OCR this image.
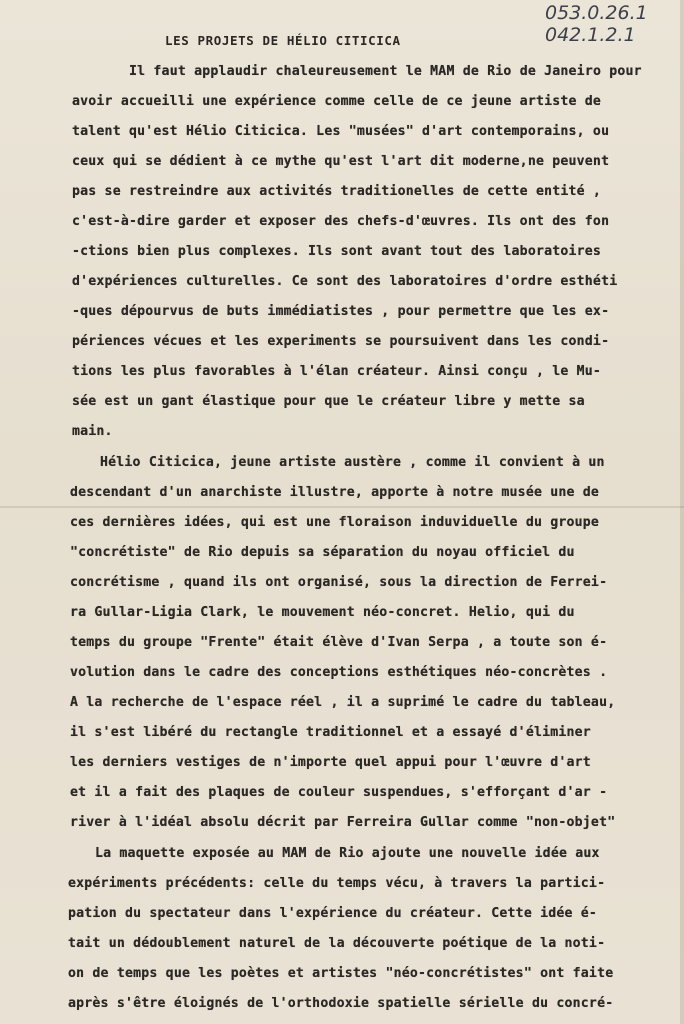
053.0.26.1
042.1.2.1
LES PROJETS DE HÉLIO CITICICA
Il faut applaudir chaleureusement le MAM de Rio de Janeiro pour
avoir accueilli une expérience comme celle de ce jeune artiste de
talent qu'est Hélio Citicica. Les "musées" d'art contemporains, ou
ceux qui se dédient à ce mythe qu'est l'art dit moderne,ne peuvent
pas se restreindre aux activités traditionelles de cette entité ,
c'est-à-dire garder et exposer des chefs-d'œuvres. Ils ont des fon
-ctions bien plus complexes. Ils sont avant tout des laboratoires
d'expériences culturelles. Ce sont des laboratoires d'ordre esthéti
-ques dépourvus de buts immédiatistes , pour permettre que les ex-
périences vécues et les experiments se poursuivent dans les condi-
tions les plus favorables à l'élan créateur. Ainsi conçu , le Mu-
sée est un gant élastique pour que le créateur libre y mette sa
main.
Hélio Citicica, jeune artiste austère , comme il convient à un
descendant d'un anarchiste illustre, apporte à notre musée une de
ces dernières idées, qui est une floraison induviduelle du groupe
"concrétiste" de Rio depuis sa séparation du noyau officiel du
concrétisme , quand ils ont organisé, sous la direction de Ferrei-
ra Gullar-Ligia Clark, le mouvement néo-concret. Helio, qui du
temps du groupe "Frente" était élève d'Ivan Serpa , a toute son é-
volution dans le cadre des conceptions esthétiques néo-concrètes .
A la recherche de l'espace réel , il a suprimé le cadre du tableau,
il s'est libéré du rectangle traditionnel et a essayé d'éliminer
les derniers vestiges de n'importe quel appui pour l'œuvre d'art
et il a fait des plaques de couleur suspendues, s'efforçant d'ar -
river à l'idéal absolu décrit par Ferreira Gullar comme "non-objet"
La maquette exposée au MAM de Rio ajoute une nouvelle idée aux
expériments précédents: celle du temps vécu, à travers la partici-
pation du spectateur dans l'expérience du créateur. Cette idée é-
tait un dédoublement naturel de la découverte poétique de la noti-
on de temps que les poètes et artistes "néo-concrétistes" ont faite
après s'être éloignés de l'orthodoxie spatielle sérielle du concré-
